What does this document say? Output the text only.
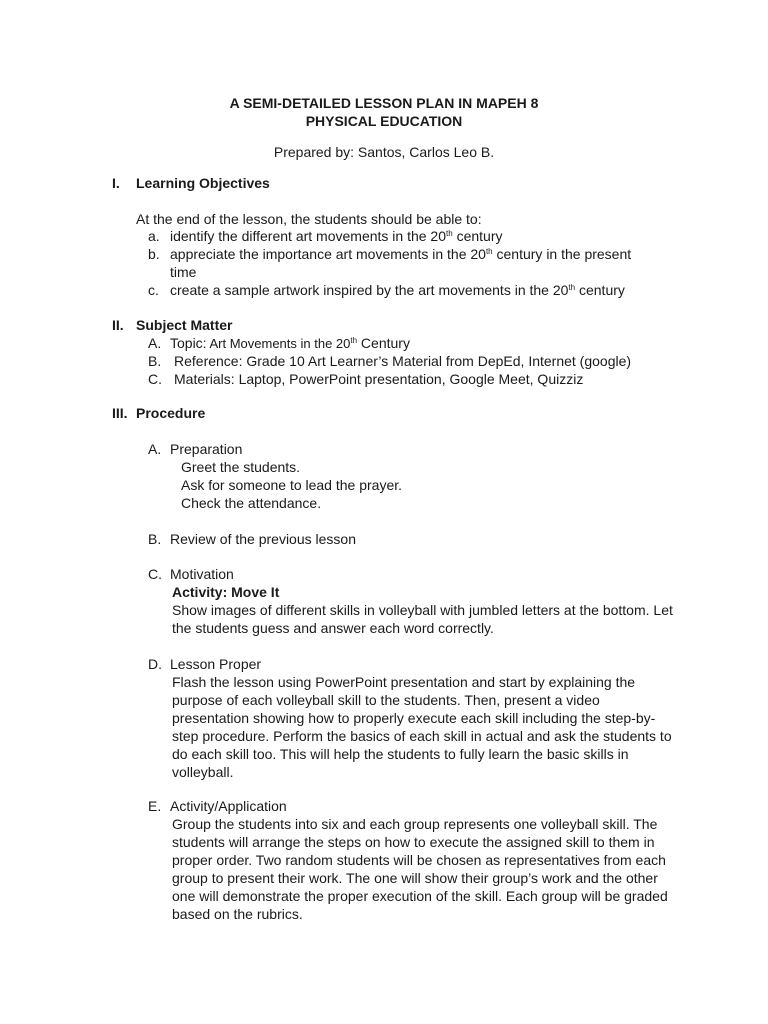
A SEMI-DETAILED LESSON PLAN IN MAPEH 8
PHYSICAL EDUCATION
Prepared by: Santos, Carlos Leo B.
I. Learning Objectives
At the end of the lesson, the students should be able to:
a. identify the different art movements in the 20th century
b. appreciate the importance art movements in the 20th century in the present
time
c. create a sample artwork inspired by the art movements in the 20th century
II. Subject Matter
A. Topic: Art Movements in the 20th Century
B. Reference: Grade 10 Art Learner’s Material from DepEd, Internet (google)
C. Materials: Laptop, PowerPoint presentation, Google Meet, Quizziz
III. Procedure
A. Preparation
Greet the students.
Ask for someone to lead the prayer.
Check the attendance.
B. Review of the previous lesson
C. Motivation
Activity: Move It
Show images of different skills in volleyball with jumbled letters at the bottom. Let the students guess and answer each word correctly.
D. Lesson Proper
Flash the lesson using PowerPoint presentation and start by explaining the purpose of each volleyball skill to the students. Then, present a video presentation showing how to properly execute each skill including the step-by-step procedure. Perform the basics of each skill in actual and ask the students to do each skill too. This will help the students to fully learn the basic skills in volleyball.
E. Activity/Application
Group the students into six and each group represents one volleyball skill. The students will arrange the steps on how to execute the assigned skill to them in proper order. Two random students will be chosen as representatives from each group to present their work. The one will show their group’s work and the other one will demonstrate the proper execution of the skill. Each group will be graded based on the rubrics.
